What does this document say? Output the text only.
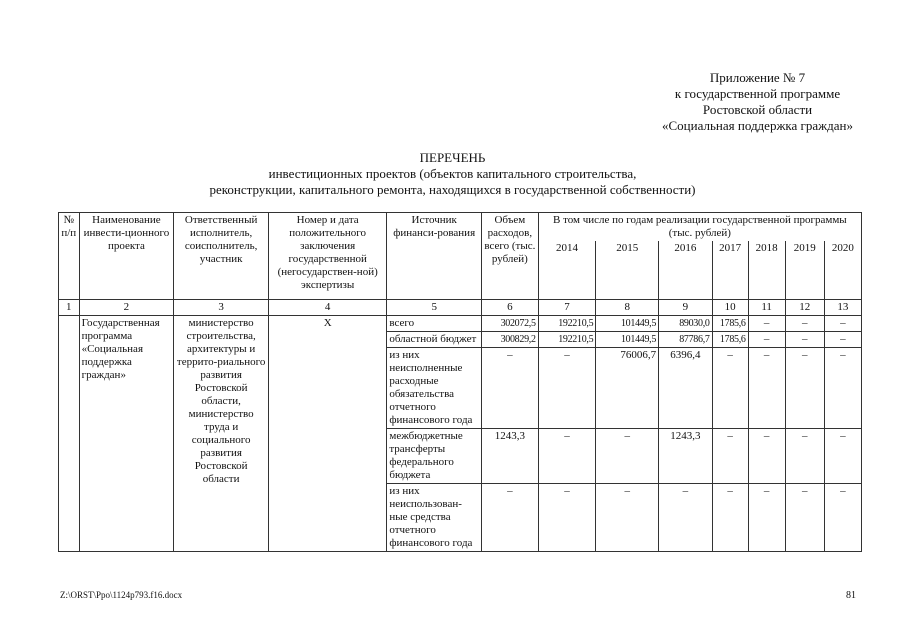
Приложение № 7
к государственной программе
Ростовской области
«Социальная поддержка граждан»
ПЕРЕЧЕНЬ
инвестиционных проектов (объектов капитального строительства,
реконструкции, капитального ремонта, находящихся в государственной собственности)
№ п/п	Наименование инвести-ционного проекта	Ответственный исполнитель, соисполнитель, участник	Номер и дата положительного заключения государственной (негосударствен-ной) экспертизы	Источник финанси-рования	Объем расходов, всего (тыс. рублей)	В том числе по годам реализации государственной программы (тыс. рублей)						
						2014	2015	2016	2017	2018	2019	2020
1	2	3	4	5	6	7	8	9	10	11	12	13
	Государственная программа «Социальная поддержка граждан»	министерство строительства, архитектуры и террито-риального развития Ростовской области, министерство труда и социального развития Ростовской области	Х	всего	302072,5	192210,5	101449,5	89030,0	1785,6	–	–	–
				областной бюджет	300829,2	192210,5	101449,5	87786,7	1785,6	–	–	–
				из них неисполненные расходные обязательства отчетного финансового года	–	–	76006,7	6396,4	–	–	–	–
				межбюджетные трансферты федерального бюджета	1243,3	–	–	1243,3	–	–	–	–
				из них неиспользован-ные средства отчетного финансового года	–	–	–	–	–	–	–	–
Z:\ORST\Ppo\1124p793.f16.docx	81
